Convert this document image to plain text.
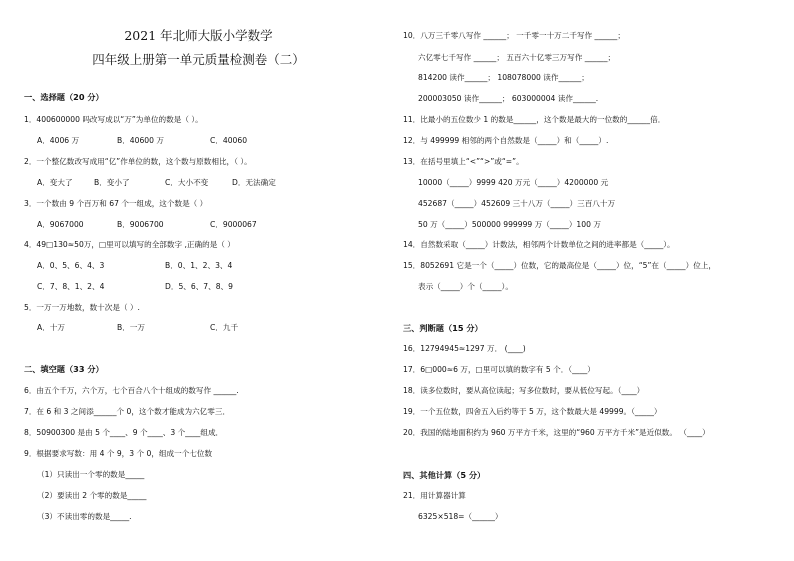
2021 年北师大版小学数学
四年级上册第一单元质量检测卷（二）
一、选择题（20 分）
1．400600000 吗改写成以“万”为单位的数是（ ）。
A．4006 万	B．40600 万	C．40060
2．一个整亿数改写成用“亿”作单位的数，这个数与原数相比，（ ）。
A．变大了	B．变小了	C．大小不变	D．无法确定
3．一个数由 9 个百万和 67 个一组成，这个数是（ ）
A．9067000	B．9006700	C．9000067
4．49□130≈50万，□里可以填写的全部数字 ,正确的是（ ）
A．0、5、6、4、3	B．0、1、2、3、4
C．7、8、1、2、4	D．5、6、7、8、9
5．一万一万地数，数十次是（ ）.
A．十万	B．一万	C．九千
二、填空题（33 分）
6．由五个千万，六个万，七个百合八个十组成的数写作 ______.
7．在 6 和 3 之间添______个 0，这个数才能成为六亿零三．
8．50900300 是由 5 个____、9 个____、3 个____组成．
9．根据要求写数：用 4 个 9，3 个 0，组成一个七位数
（1）只读出一个零的数是_____
（2）要读出 2 个零的数是_____
（3）不读出零的数是_____.
10．八万三千零八写作 ______； 一千零一十万二千写作 ______；
六亿零七千写作 ______； 五百六十亿零三万写作 ______；
814200 读作______； 108078000 读作______；
200003050 读作______； 603000004 读作______.
11．比最小的五位数少 1 的数是______，这个数是最大的一位数的______倍．
12．与 499999 相邻的两个自然数是（_____）和（_____）.
13．在括号里填上“<”“>”或“=”。
10000（_____）9999 420 万元（_____）4200000 元
452687（_____）452609 三十八万（_____）三百八十万
50 万（_____）500000 999999 万（_____）100 万
14．自然数采取（_____）计数法，相邻两个计数单位之间的进率都是（_____）。
15．8052691 它是一个（_____）位数，它的最高位是（_____）位，“5”在（_____）位上，
表示（_____）个（_____）。
三、判断题（15 分）
16．12794945≈1297 万． (____)
17．6□000≈6 万，□里可以填的数字有 5 个．（____）
18．读多位数时，要从高位读起；写多位数时，要从低位写起。（____）
19．一个五位数，四舍五入后约等于 5 万，这个数最大是 49999。（_____）
20．我国的陆地面积约为 960 万平方千米，这里的“960 万平方千米”是近似数。 （____）
四、其他计算（5 分）
21．用计算器计算
6325×518=（______）
